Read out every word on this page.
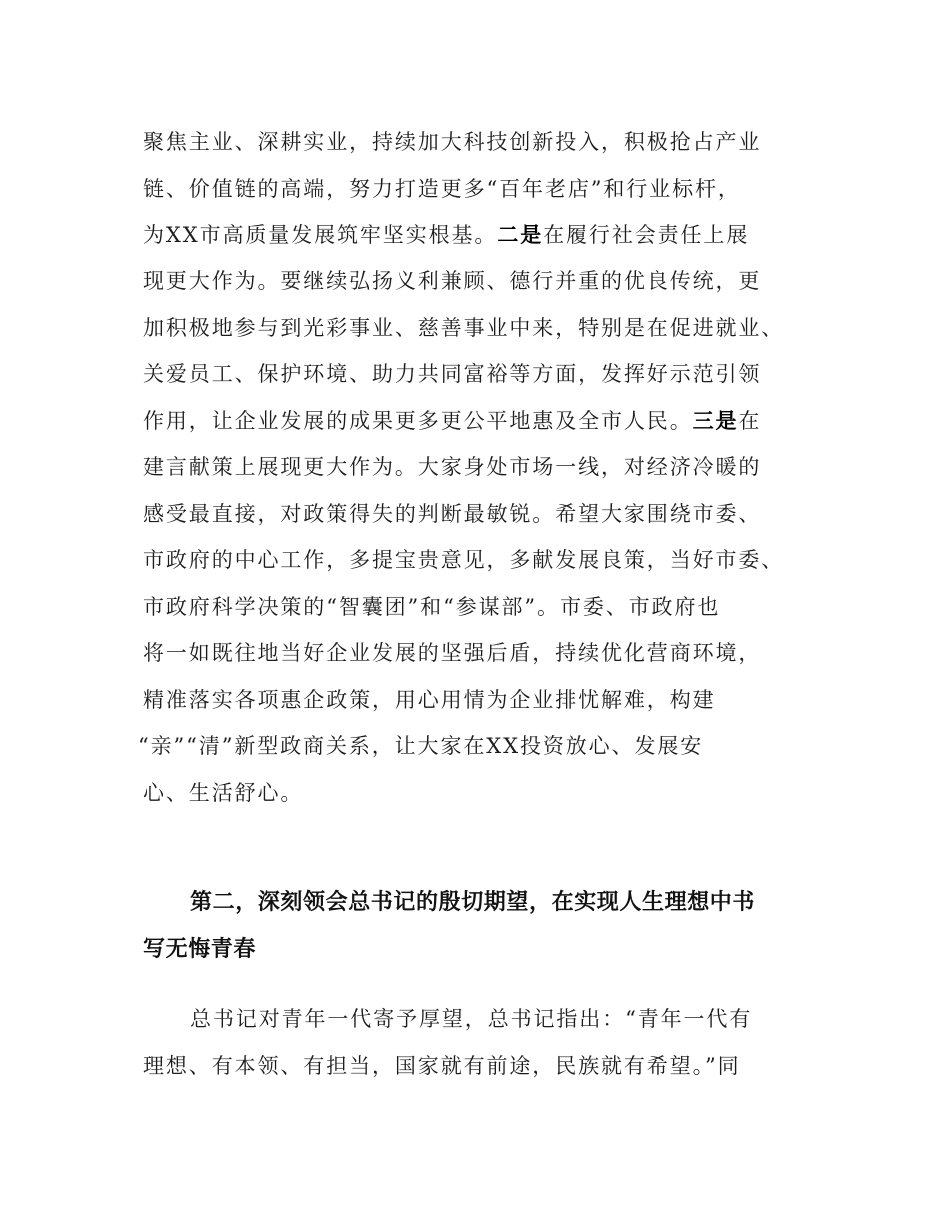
聚焦主业、深耕实业，持续加大科技创新投入，积极抢占产业
链、价值链的高端，努力打造更多“百年老店”和行业标杆，
为XX市高质量发展筑牢坚实根基。二是在履行社会责任上展
现更大作为。要继续弘扬义利兼顾、德行并重的优良传统，更
加积极地参与到光彩事业、慈善事业中来，特别是在促进就业、
关爱员工、保护环境、助力共同富裕等方面，发挥好示范引领
作用，让企业发展的成果更多更公平地惠及全市人民。三是在
建言献策上展现更大作为。大家身处市场一线，对经济冷暖的
感受最直接，对政策得失的判断最敏锐。希望大家围绕市委、
市政府的中心工作，多提宝贵意见，多献发展良策，当好市委、
市政府科学决策的“智囊团”和“参谋部”。市委、市政府也
将一如既往地当好企业发展的坚强后盾，持续优化营商环境，
精准落实各项惠企政策，用心用情为企业排忧解难，构建
“亲”“清”新型政商关系，让大家在XX投资放心、发展安
心、生活舒心。
第二，深刻领会总书记的殷切期望，在实现人生理想中书
写无悔青春
总书记对青年一代寄予厚望，总书记指出：“青年一代有
理想、有本领、有担当，国家就有前途，民族就有希望。”同
